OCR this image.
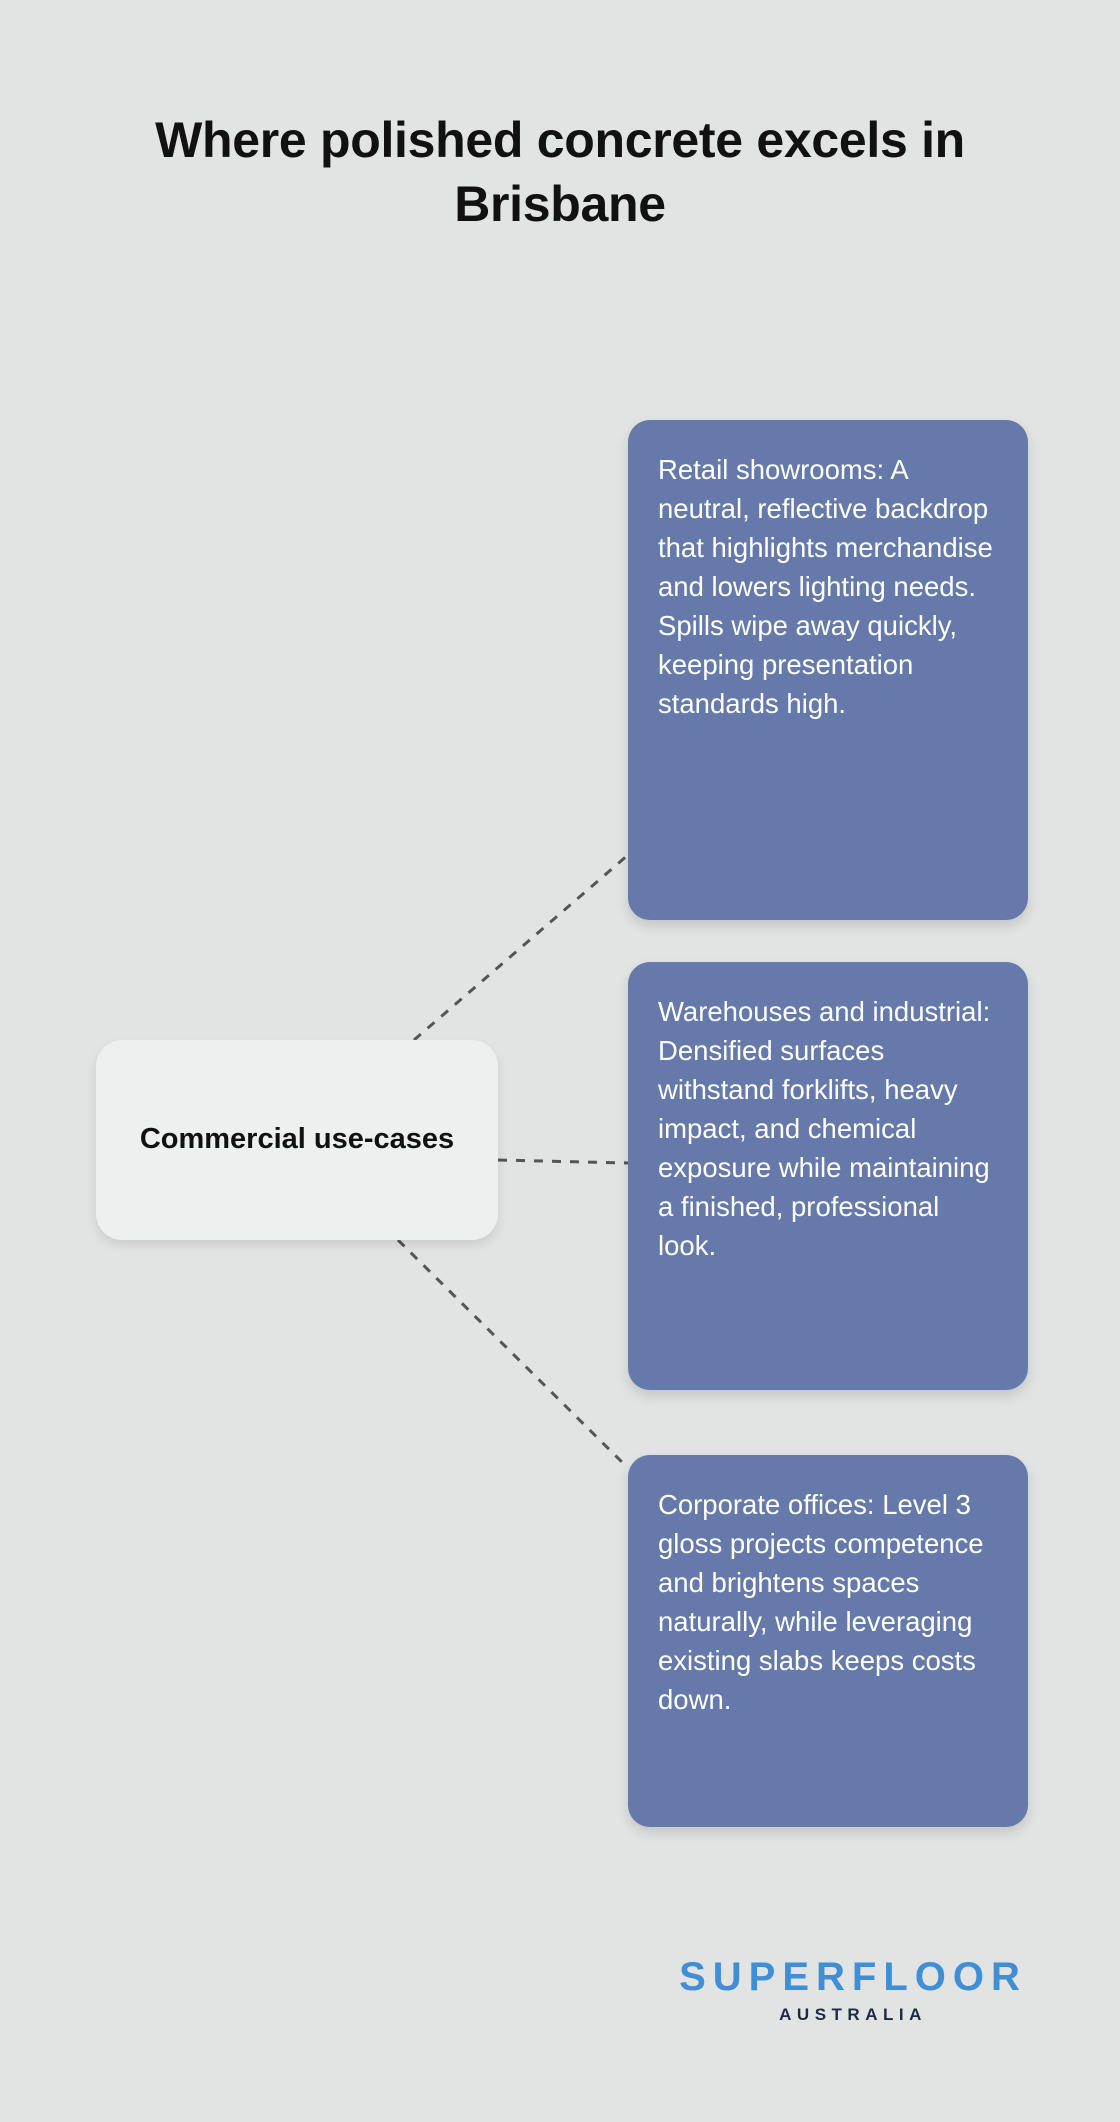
Where polished concrete excels in Brisbane
Commercial use-cases
Retail showrooms: A neutral, reflective backdrop that highlights merchandise and lowers lighting needs. Spills wipe away quickly, keeping presentation standards high.
Warehouses and industrial: Densified surfaces withstand forklifts, heavy impact, and chemical exposure while maintaining a finished, professional look.
Corporate offices: Level 3 gloss projects competence and brightens spaces naturally, while leveraging existing slabs keeps costs down.
SUPERFLOOR
AUSTRALIA
